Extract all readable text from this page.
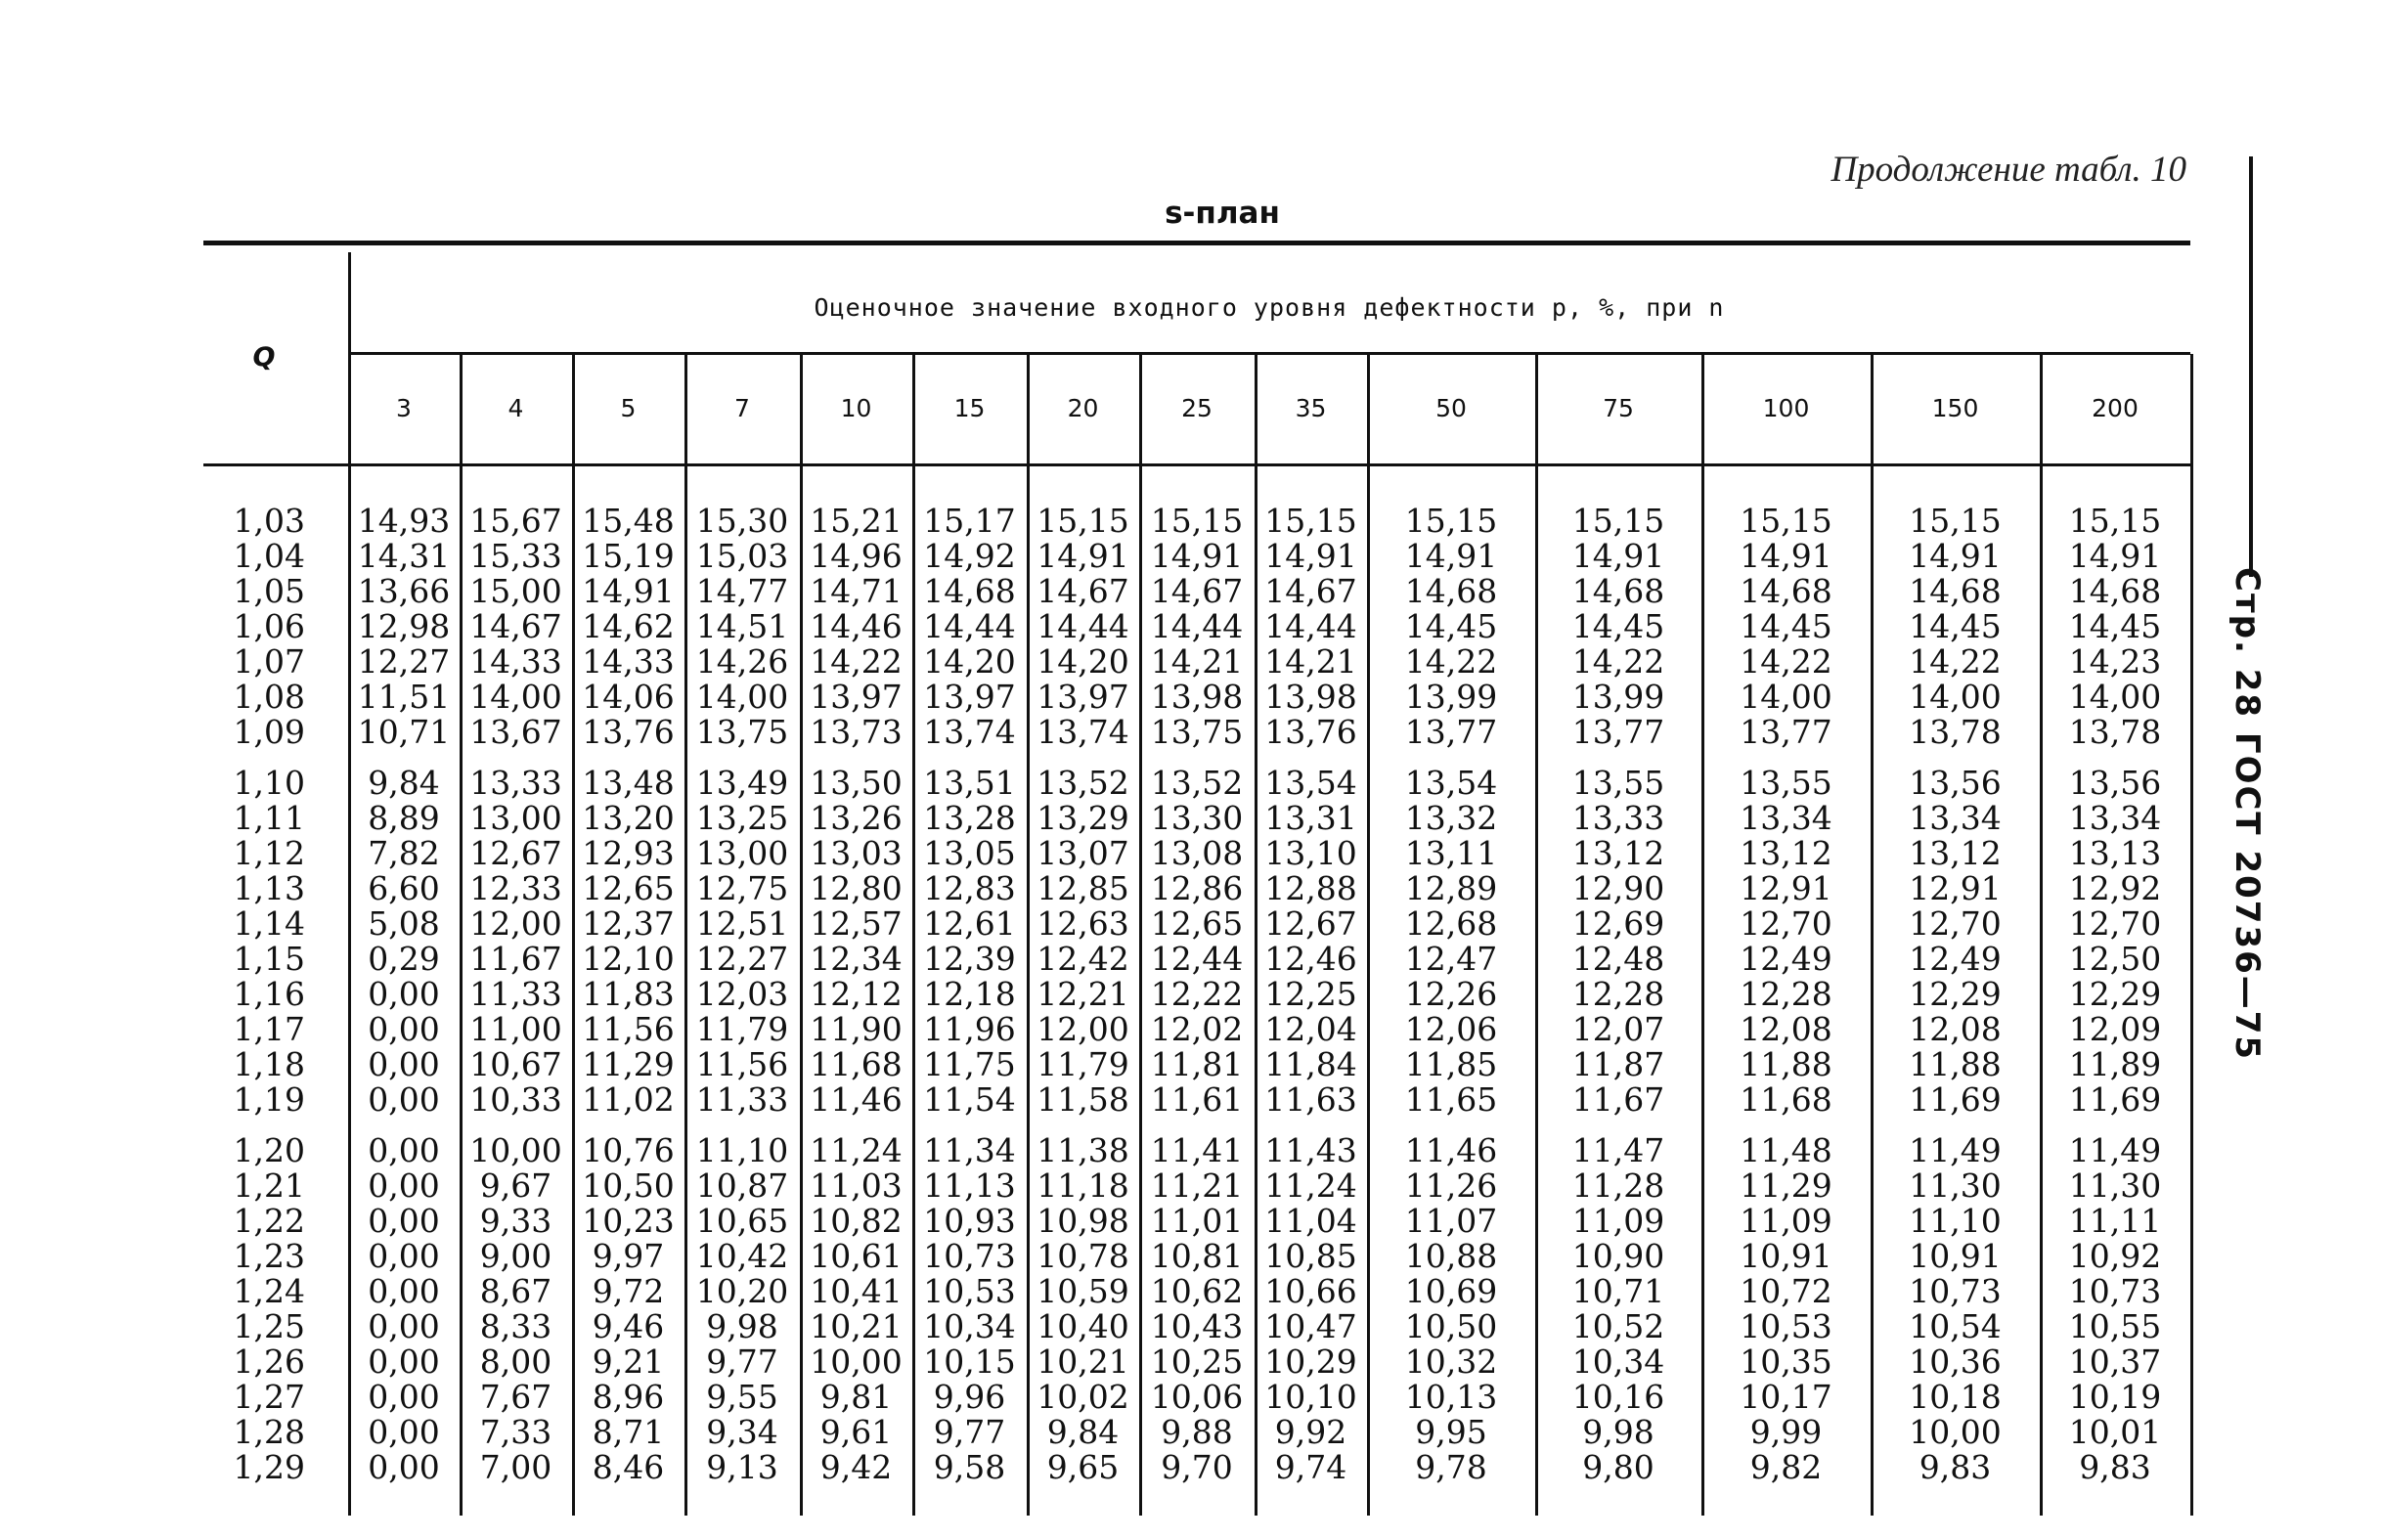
Продолжение табл. 10
s-план
Стр. 28 ГОСТ 20736—75
Q
Оценочное значение входного уровня дефектности p, %, при n
3	4	5	7	10	15	20	25	35	50	75	100	150	200
1,03 14,93 15,67 15,48 15,30 15,21 15,17 15,15 15,15 15,15	15,15	15,15	15,15	15,15	15,15
1,04 14,31 15,33 15,19 15,03 14,96 14,92 14,91 14,91 14,91	14,91	14,91	14,91	14,91	14,91
1,05 13,66 15,00 14,91 14,77 14,71 14,68 14,67 14,67 14,67	14,68	14,68	14,68	14,68	14,68
1,06 12,98 14,67 14,62 14,51 14,46 14,44 14,44 14,44 14,44	14,45	14,45	14,45	14,45	14,45
1,07 12,27 14,33 14,33 14,26 14,22 14,20 14,20 14,21 14,21	14,22	14,22	14,22	14,22	14,23
1,08 11,51 14,00 14,06 14,00 13,97 13,97 13,97 13,98 13,98	13,99	13,99	14,00	14,00	14,00
1,09 10,71 13,67 13,76 13,75 13,73 13,74 13,74 13,75 13,76	13,77	13,77	13,77	13,78	13,78
1,10	9,84 13,33 13,48 13,49 13,50 13,51 13,52 13,52 13,54	13,54	13,55	13,55	13,56	13,56
1,11	8,89 13,00 13,20 13,25 13,26 13,28 13,29 13,30 13,31	13,32	13,33	13,34	13,34	13,34
1,12	7,82 12,67 12,93 13,00 13,03 13,05 13,07 13,08 13,10	13,11	13,12	13,12	13,12	13,13
1,13	6,60 12,33 12,65 12,75 12,80 12,83 12,85 12,86 12,88	12,89	12,90	12,91	12,91	12,92
1,14	5,08 12,00 12,37 12,51 12,57 12,61 12,63 12,65 12,67	12,68	12,69	12,70	12,70	12,70
1,15	0,29 11,67 12,10 12,27 12,34 12,39 12,42 12,44 12,46	12,47	12,48	12,49	12,49	12,50
1,16	0,00 11,33 11,83 12,03 12,12 12,18 12,21 12,22 12,25	12,26	12,28	12,28	12,29	12,29
1,17	0,00 11,00 11,56 11,79 11,90 11,96 12,00 12,02 12,04	12,06	12,07	12,08	12,08	12,09
1,18	0,00 10,67 11,29 11,56 11,68 11,75 11,79 11,81 11,84	11,85	11,87	11,88	11,88	11,89
1,19	0,00 10,33 11,02 11,33 11,46 11,54 11,58 11,61 11,63	11,65	11,67	11,68	11,69	11,69
1,20	0,00 10,00 10,76 11,10 11,24 11,34 11,38 11,41 11,43	11,46	11,47	11,48	11,49	11,49
1,21	0,00	9,67 10,50 10,87 11,03 11,13 11,18 11,21 11,24	11,26	11,28	11,29	11,30	11,30
1,22	0,00	9,33 10,23 10,65 10,82 10,93 10,98 11,01 11,04	11,07	11,09	11,09	11,10	11,11
1,23	0,00	9,00	9,97 10,42 10,61 10,73 10,78 10,81 10,85	10,88	10,90	10,91	10,91	10,92
1,24	0,00	8,67	9,72 10,20 10,41 10,53 10,59 10,62 10,66	10,69	10,71	10,72	10,73	10,73
1,25	0,00	8,33	9,46	9,98 10,21 10,34 10,40 10,43 10,47	10,50	10,52	10,53	10,54	10,55
1,26	0,00	8,00	9,21	9,77 10,00 10,15 10,21 10,25 10,29	10,32	10,34	10,35	10,36	10,37
1,27	0,00	7,67	8,96	9,55	9,81	9,96 10,02 10,06 10,10	10,13	10,16	10,17	10,18	10,19
1,28	0,00	7,33	8,71	9,34	9,61	9,77	9,84	9,88	9,92	9,95	9,98	9,99	10,00	10,01
1,29	0,00	7,00	8,46	9,13	9,42	9,58	9,65	9,70	9,74	9,78	9,80	9,82	9,83	9,83
